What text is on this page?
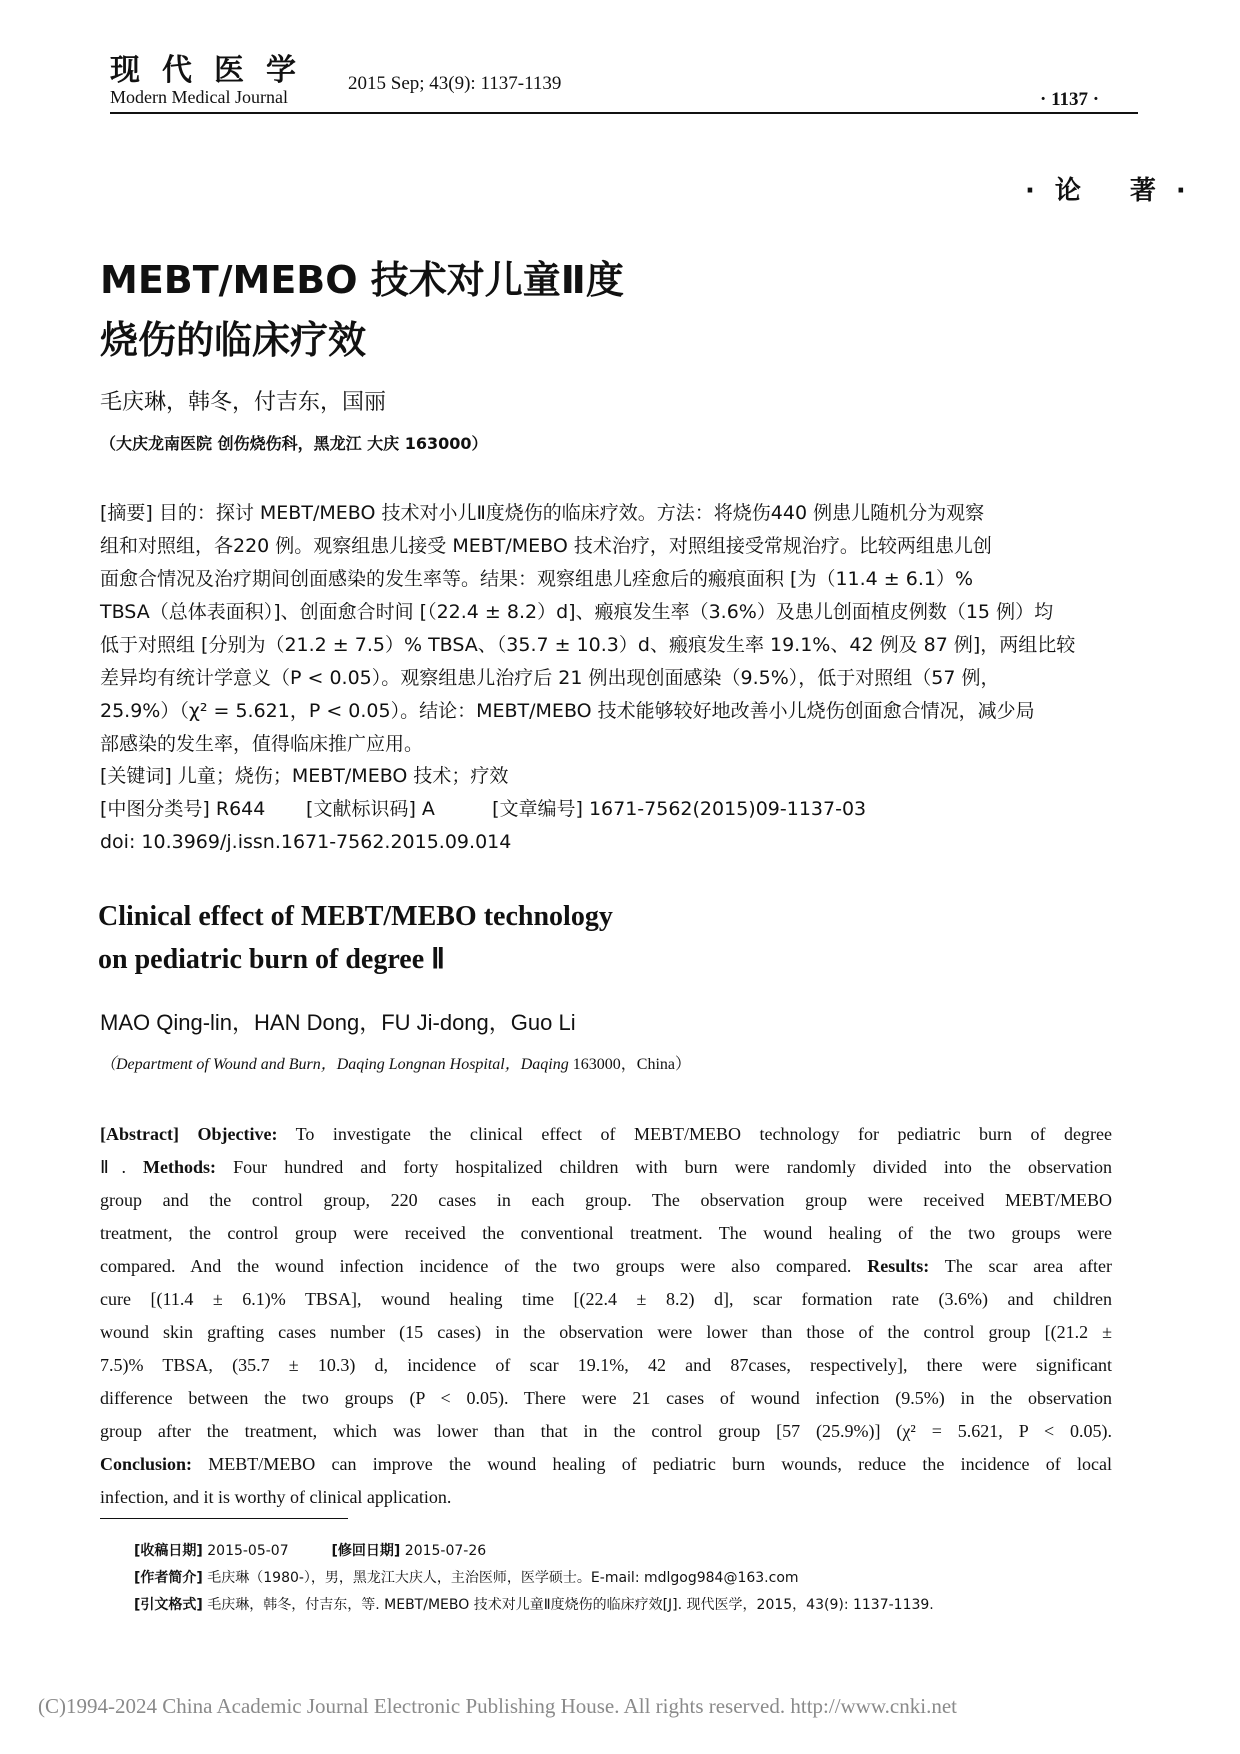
现代医学
Modern Medical Journal
2015 Sep; 43(9): 1137-1139
· 1137 ·
·论 著·
MEBT/MEBO 技术对儿童Ⅱ度
烧伤的临床疗效
毛庆琳，韩冬，付吉东，国丽
（大庆龙南医院 创伤烧伤科，黑龙江 大庆 163000）
[摘要] 目的：探讨 MEBT/MEBO 技术对小儿Ⅱ度烧伤的临床疗效。方法：将烧伤440 例患儿随机分为观察
组和对照组，各220 例。观察组患儿接受 MEBT/MEBO 技术治疗，对照组接受常规治疗。比较两组患儿创
面愈合情况及治疗期间创面感染的发生率等。结果：观察组患儿痊愈后的瘢痕面积 [为（11.4 ± 6.1）%
TBSA（总体表面积）]、创面愈合时间 [（22.4 ± 8.2）d]、瘢痕发生率（3.6%）及患儿创面植皮例数（15 例）均
低于对照组 [分别为（21.2 ± 7.5）% TBSA、（35.7 ± 10.3）d、瘢痕发生率 19.1%、42 例及 87 例]，两组比较
差异均有统计学意义（P < 0.05）。观察组患儿治疗后 21 例出现创面感染（9.5%），低于对照组（57 例，
25.9%）（χ² = 5.621，P < 0.05）。结论：MEBT/MEBO 技术能够较好地改善小儿烧伤创面愈合情况，减少局
部感染的发生率，值得临床推广应用。
[关键词] 儿童；烧伤；MEBT/MEBO 技术；疗效
[中图分类号] R644 [文献标识码] A	[文章编号] 1671-7562(2015)09-1137-03
doi: 10.3969/j.issn.1671-7562.2015.09.014
Clinical effect of MEBT/MEBO technology
on pediatric burn of degree Ⅱ
MAO Qing-lin，HAN Dong，FU Ji-dong，Guo Li
（Department of Wound and Burn，Daqing Longnan Hospital，Daqing 163000，China）
[Abstract] Objective: To investigate the clinical effect of MEBT/MEBO technology for pediatric burn of degree
Ⅱ. Methods: Four hundred and forty hospitalized children with burn were randomly divided into the observation
group and the control group, 220 cases in each group. The observation group were received MEBT/MEBO
treatment, the control group were received the conventional treatment. The wound healing of the two groups were
compared. And the wound infection incidence of the two groups were also compared. Results: The scar area after
cure [(11.4 ± 6.1)% TBSA], wound healing time [(22.4 ± 8.2) d], scar formation rate (3.6%) and children
wound skin grafting cases number (15 cases) in the observation were lower than those of the control group [(21.2 ±
7.5)% TBSA, (35.7 ± 10.3) d, incidence of scar 19.1%, 42 and 87cases, respectively], there were significant
difference between the two groups (P < 0.05). There were 21 cases of wound infection (9.5%) in the observation
group after the treatment, which was lower than that in the control group [57 (25.9%)] (χ² = 5.621, P < 0.05).
Conclusion: MEBT/MEBO can improve the wound healing of pediatric burn wounds, reduce the incidence of local
infection, and it is worthy of clinical application.
[收稿日期] 2015-05-07	[修回日期] 2015-07-26
[作者简介] 毛庆琳（1980-），男，黑龙江大庆人，主治医师，医学硕士。E-mail: mdlgog984@163.com
[引文格式] 毛庆琳，韩冬，付吉东，等. MEBT/MEBO 技术对儿童Ⅱ度烧伤的临床疗效[J]. 现代医学，2015，43(9): 1137-1139.
(C)1994-2024 China Academic Journal Electronic Publishing House. All rights reserved. http://www.cnki.net
